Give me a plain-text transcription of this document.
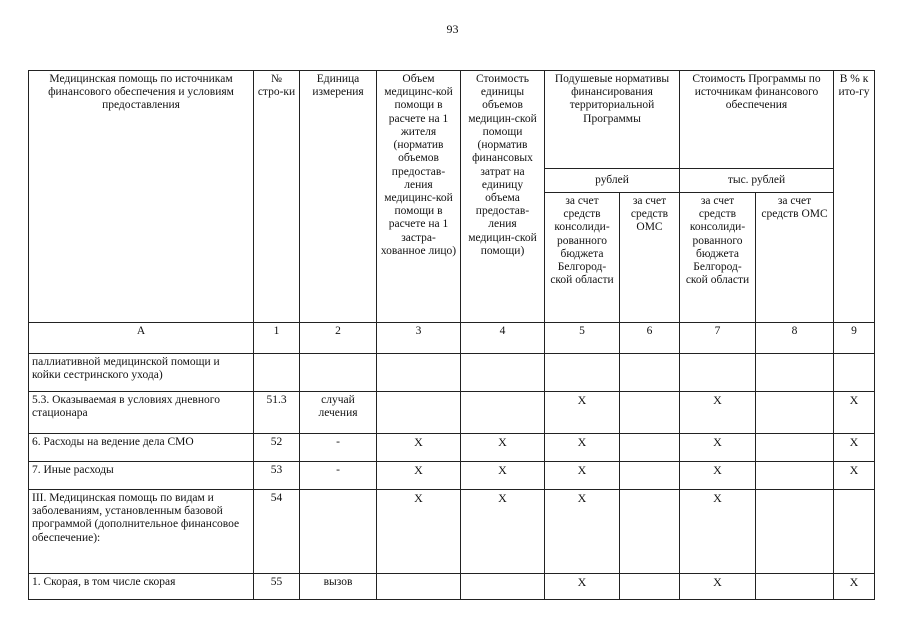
93
Медицинская помощь по источникам финансового обеспечения и условиям предоставления	№ стро-ки	Единица измерения	Объем медицинс-кой помощи в расчете на 1 жителя (норматив объемов предостав-ления медицинс-кой помощи в расчете на 1 застра-хованное лицо)	Стоимость единицы объемов медицин-ской помощи (норматив финансовых затрат на единицу объема предостав-ления медицин-ской помощи)	Подушевые нормативы финансирования территориальной Программы		Стоимость Программы по источникам финансового обеспечения		В % к ито-гу
					рублей		тыс. рублей		
					за счет средств консолиди-рованного бюджета Белгород-ской области	за счет средств ОМС	за счет средств консолиди-рованного бюджета Белгород-ской области	за счет средств ОМС	
А	1	2	3	4	5	6	7	8	9
паллиативной медицинской помощи и койки сестринского ухода)									
5.3. Оказываемая в условиях дневного стационара	51.3	случай лечения			X		X		X
6. Расходы на ведение дела СМО	52	-	X	X	X		X		X
7. Иные расходы	53	-	X	X	X		X		X
III. Медицинская помощь по видам и заболеваниям, установленным базовой программой (дополнительное финансовое обеспечение):	54		X	X	X		X		
1. Скорая, в том числе скорая	55	вызов			X		X		X
